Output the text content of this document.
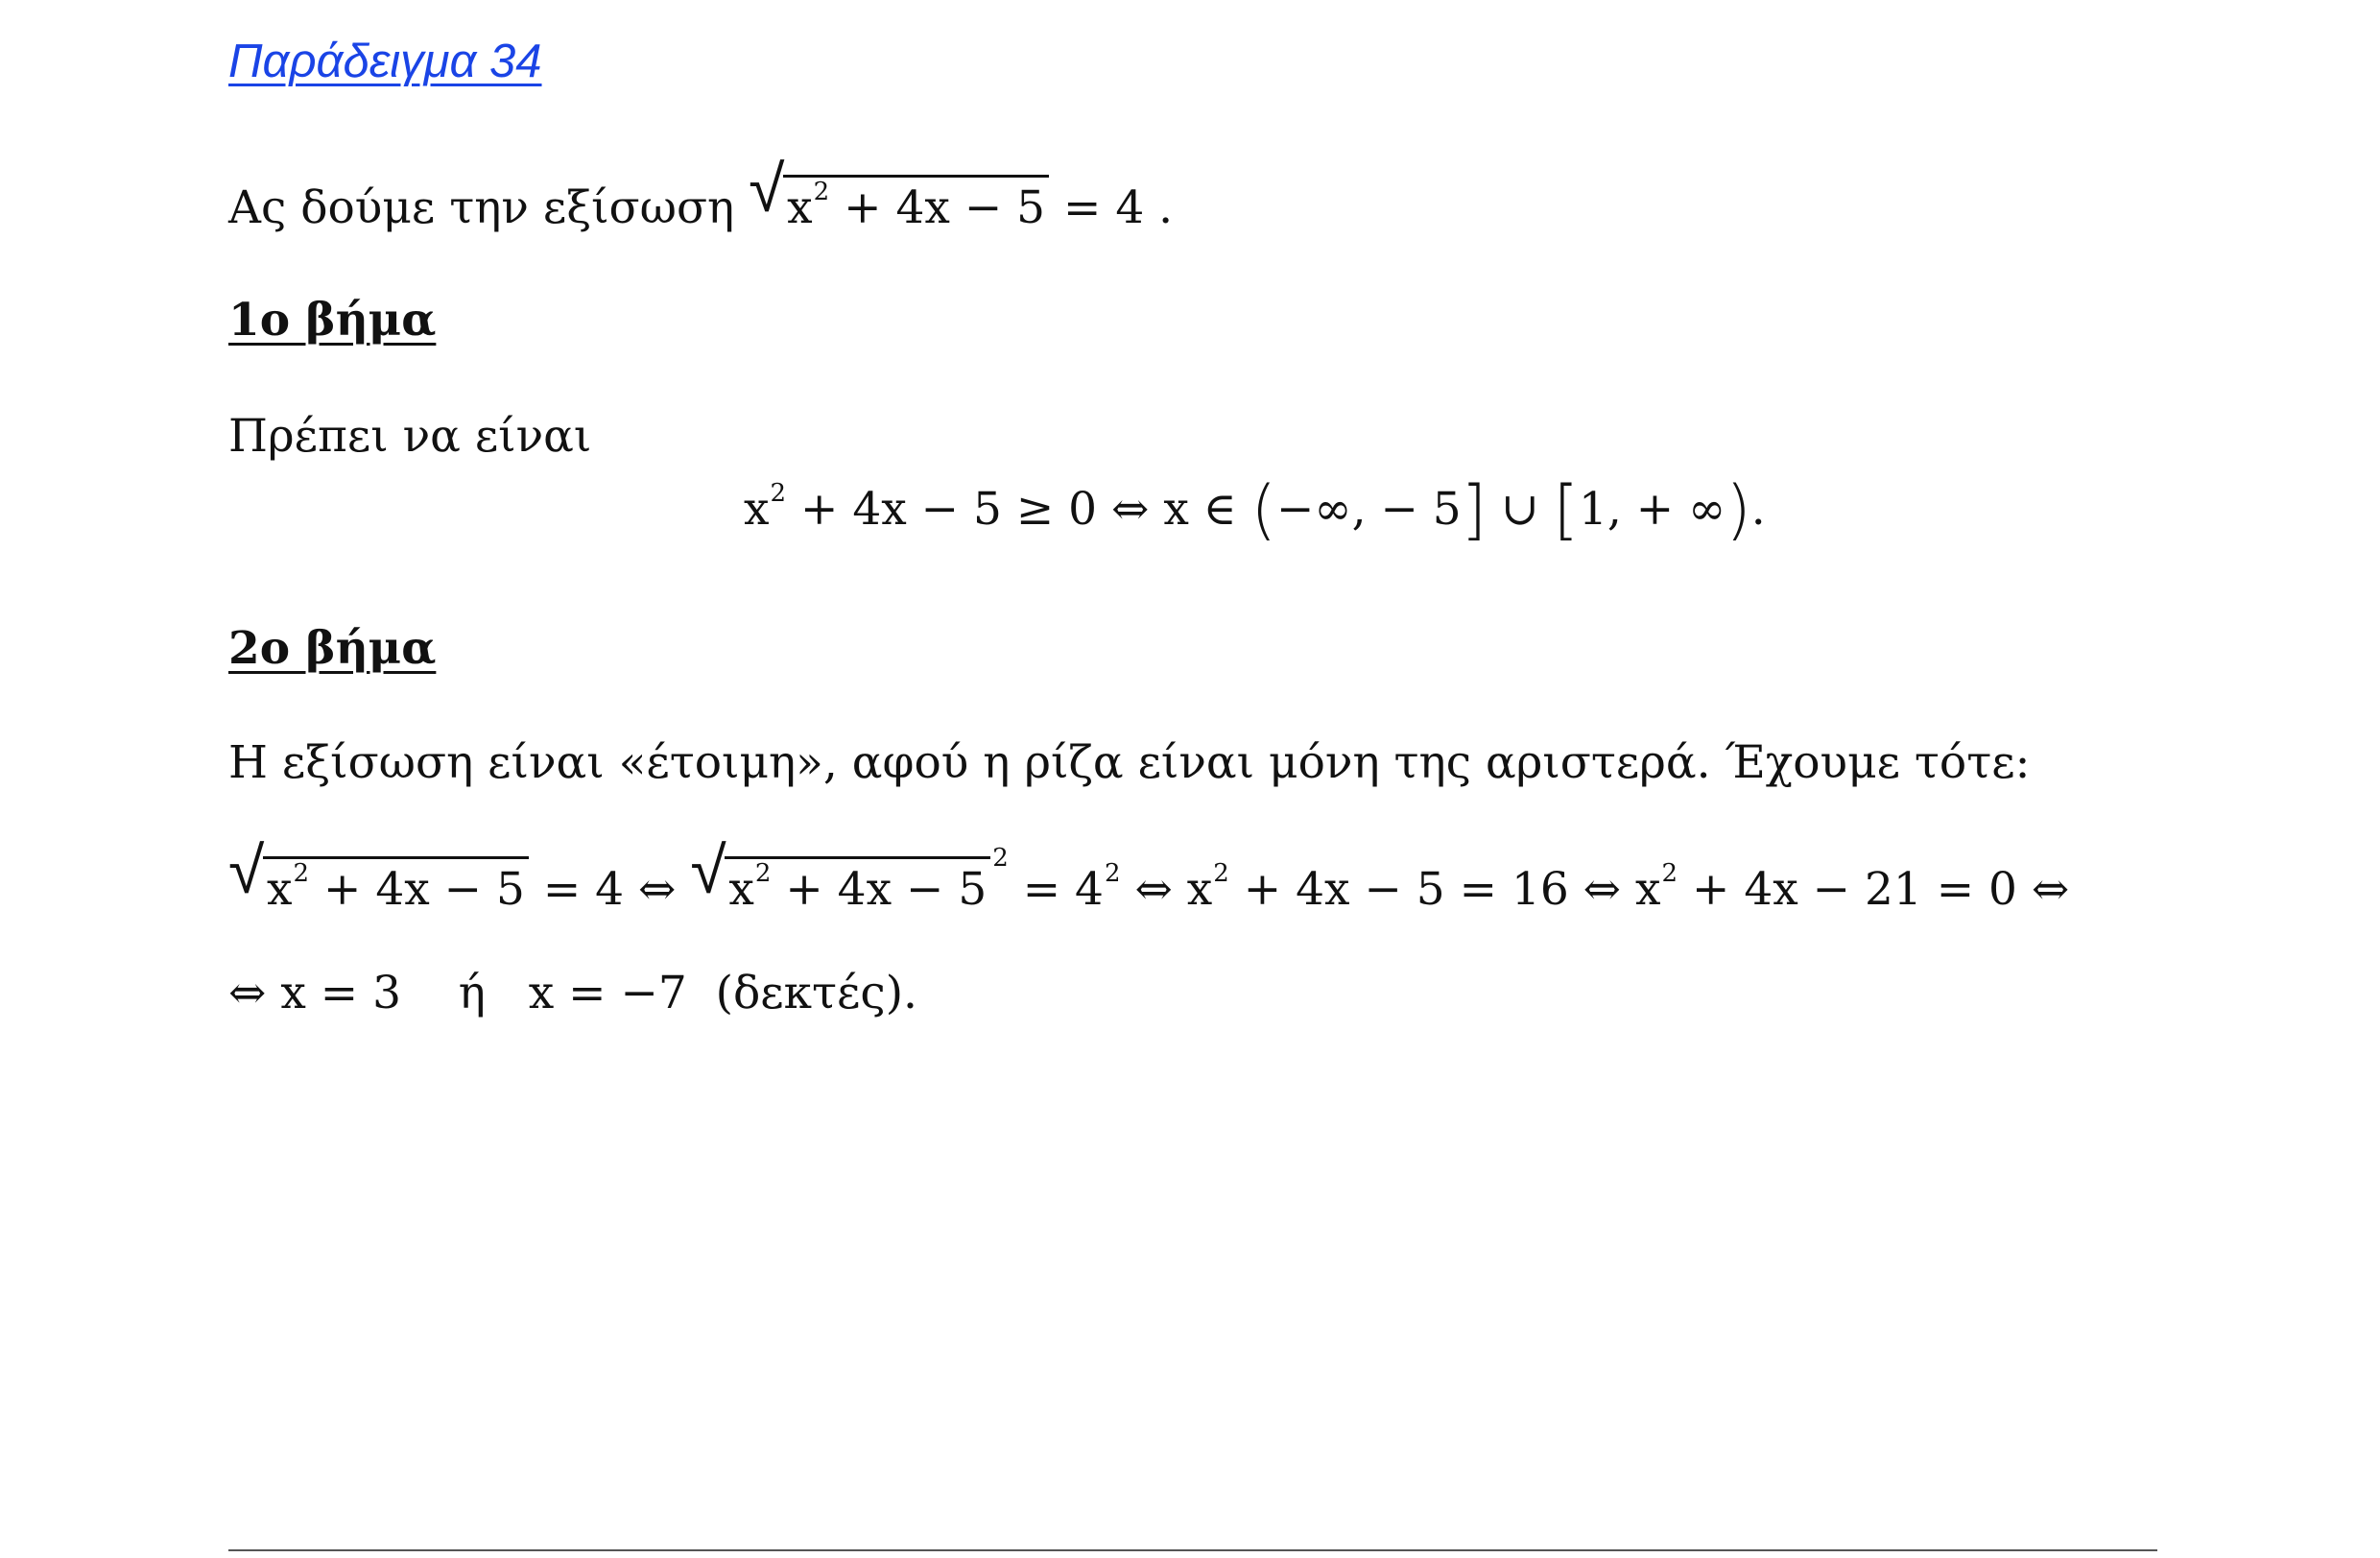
Παράδειγμα 34
Ας δούμε την εξίσωση √ $x^2 + 4x - 5 = 4$ .
1ο βήμα
Πρέπει να είναι
$x^2 + 4x - 5 \ge 0$ ⇔ x ∈ (−∞, − 5] ∪ [1, + ∞).
2ο βήμα
Η εξίσωση είναι «έτοιμη», αφού η ρίζα είναι μόνη της αριστερά. Έχουμε τότε:
√ $x^2 + 4x - 5 = 4$ ⇔ √ $x^2 + 4x - 5^2 = 4^2$ ⇔ $x^2 + 4x - 5 = 16$ ⇔ $x^2 + 4x - 21 = 0$ ⇔
⇔ x = 3    ή   x = −7  (δεκτές).
